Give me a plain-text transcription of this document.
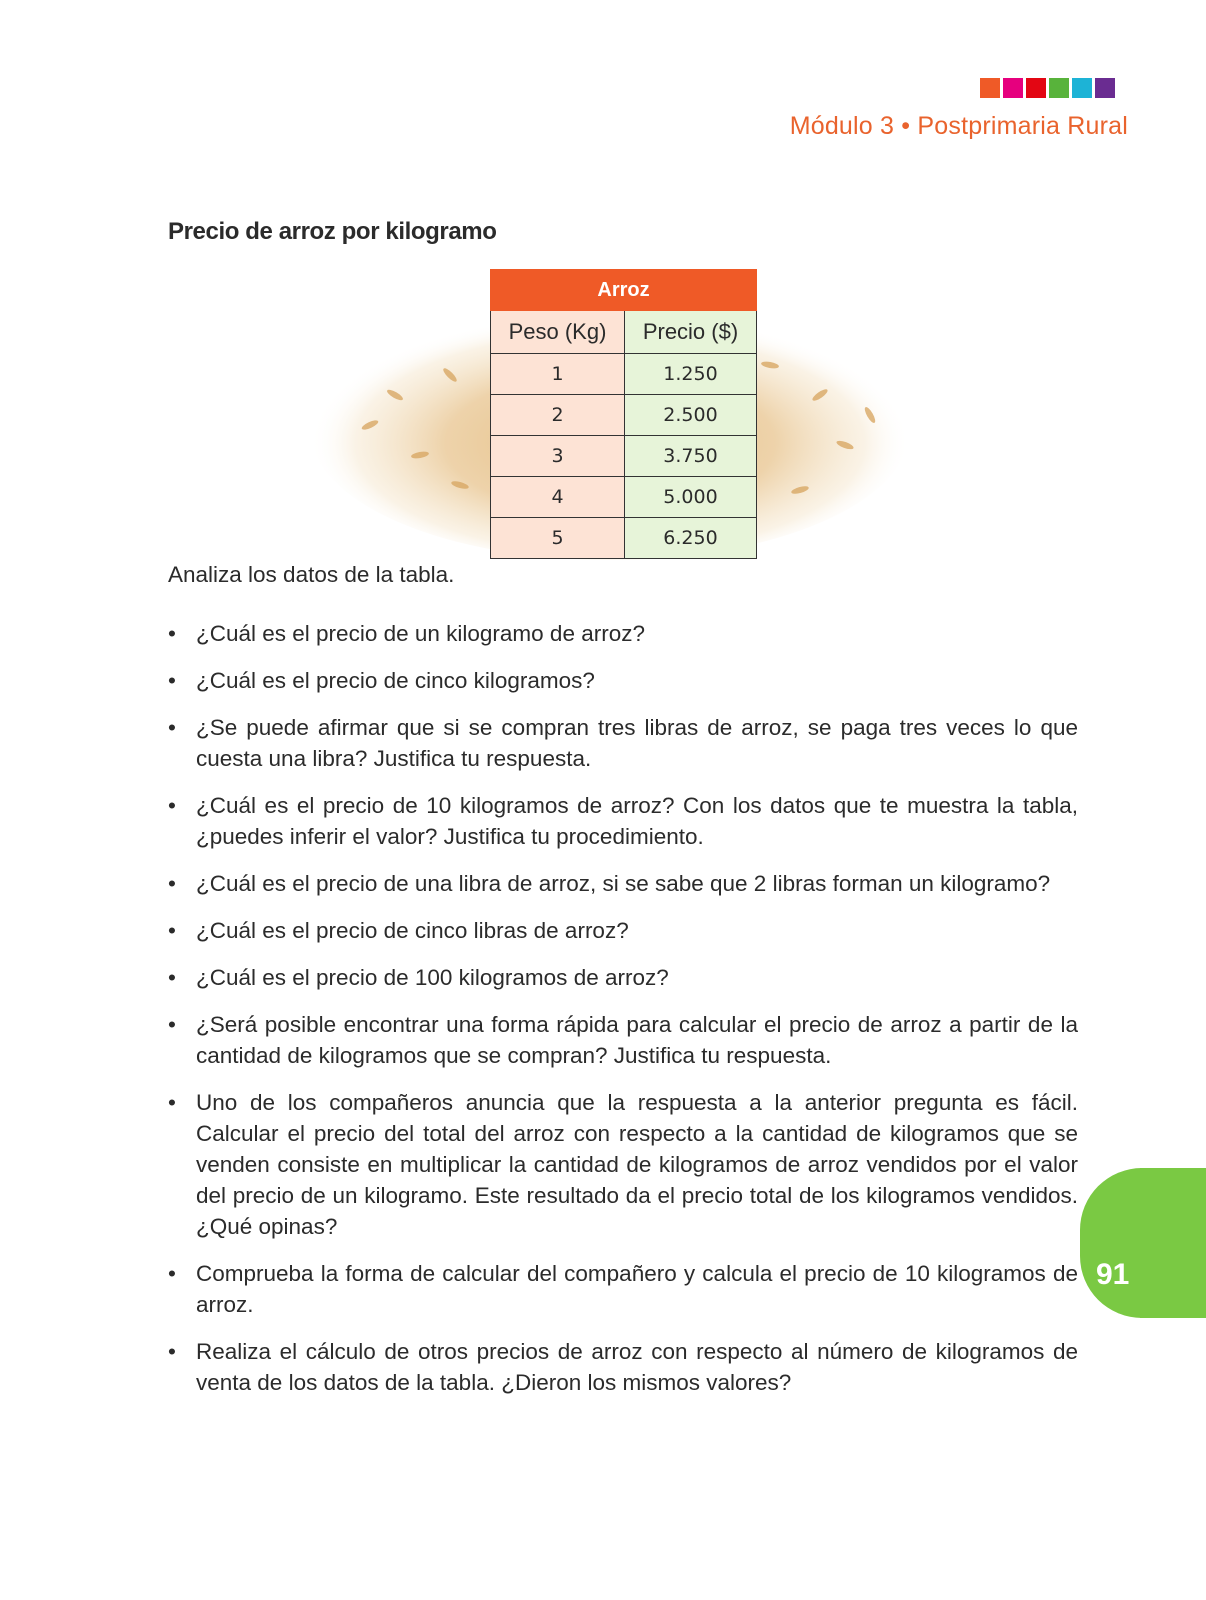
Módulo 3 • Postprimaria Rural
Precio de arroz por kilogramo
Arroz	
Peso (Kg)	Precio ($)
1	1.250
2	2.500
3	3.750
4	5.000
5	6.250
Analiza los datos de la tabla.
• ¿Cuál es el precio de un kilogramo de arroz?
• ¿Cuál es el precio de cinco kilogramos?
• ¿Se puede afirmar que si se compran tres libras de arroz, se paga tres veces lo que cuesta una libra? Justifica tu respuesta.
• ¿Cuál es el precio de 10 kilogramos de arroz? Con los datos que te muestra la tabla, ¿puedes inferir el valor? Justifica tu procedimiento.
• ¿Cuál es el precio de una libra de arroz, si se sabe que 2 libras forman un kilogramo?
• ¿Cuál es el precio de cinco libras de arroz?
• ¿Cuál es el precio de 100 kilogramos de arroz?
• ¿Será posible encontrar una forma rápida para calcular el precio de arroz a partir de la cantidad de kilogramos que se compran? Justifica tu respuesta.
• Uno de los compañeros anuncia que la respuesta a la anterior pregunta es fácil. Calcular el precio del total del arroz con respecto a la cantidad de kilogramos que se venden consiste en multiplicar la cantidad de kilogramos de arroz vendidos por el valor del precio de un kilogramo. Este resultado da el precio total de los kilogramos vendidos. ¿Qué opinas?
• Comprueba la forma de calcular del compañero y calcula el precio de 10 kilogramos de arroz.
• Realiza el cálculo de otros precios de arroz con respecto al número de kilogramos de venta de los datos de la tabla. ¿Dieron los mismos valores?
91
